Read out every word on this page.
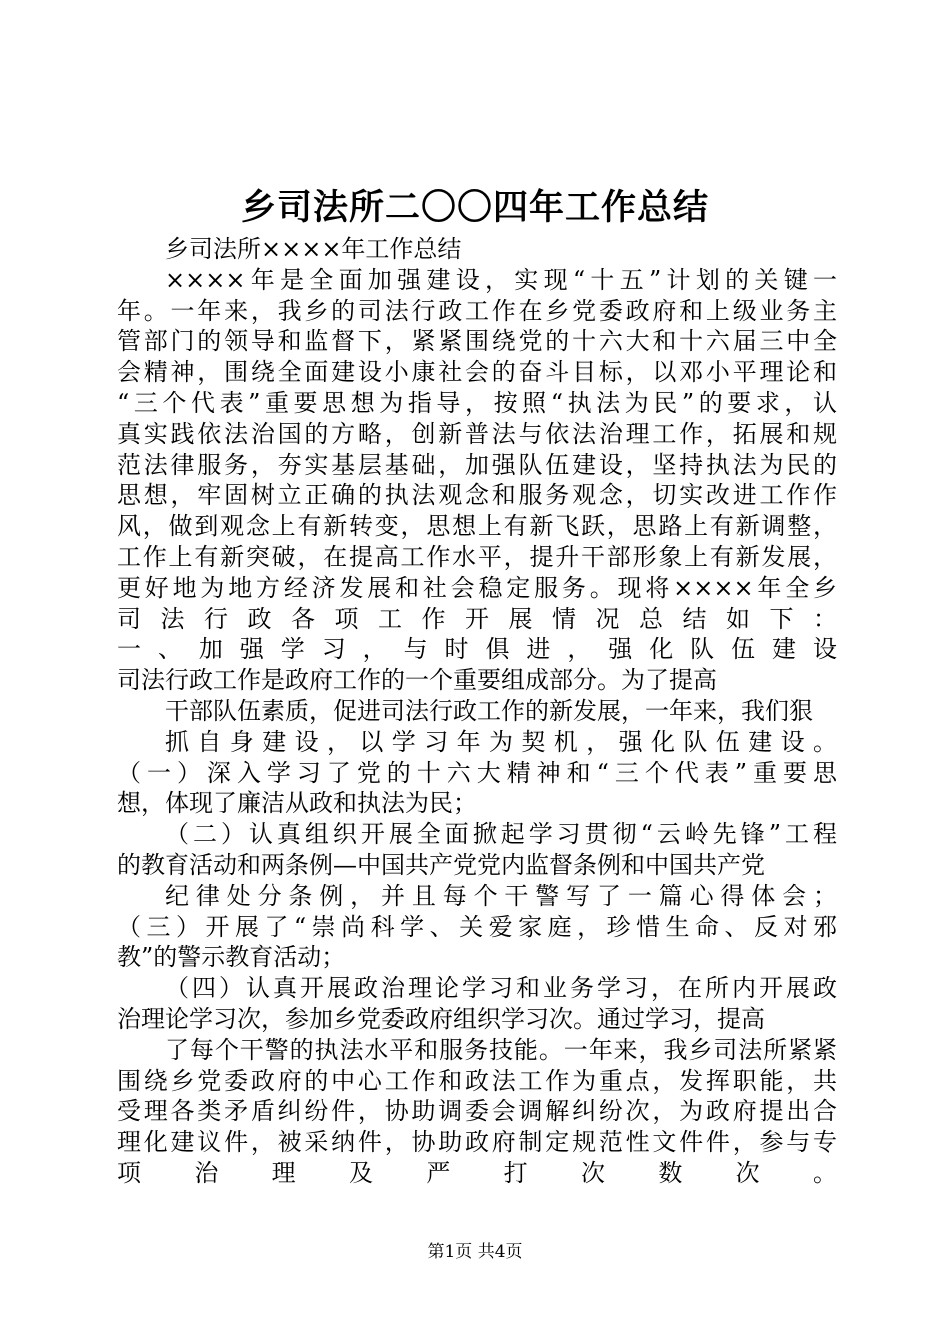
乡司法所二〇〇四年工作总结
乡司法所××××年工作总结
××××年是全面加强建设，实现“十五”计划的关键一
年。一年来，我乡的司法行政工作在乡党委政府和上级业务主
管部门的领导和监督下，紧紧围绕党的十六大和十六届三中全
会精神，围绕全面建设小康社会的奋斗目标，以邓小平理论和
“三个代表”重要思想为指导，按照“执法为民”的要求，认
真实践依法治国的方略，创新普法与依法治理工作，拓展和规
范法律服务，夯实基层基础，加强队伍建设，坚持执法为民的
思想，牢固树立正确的执法观念和服务观念，切实改进工作作
风，做到观念上有新转变，思想上有新飞跃，思路上有新调整，
工作上有新突破，在提高工作水平，提升干部形象上有新发展，
更好地为地方经济发展和社会稳定服务。现将××××年全乡
司法行政各项工作开展情况总结如下：
一、加强学习，与时俱进，强化队伍建设
司法行政工作是政府工作的一个重要组成部分。为了提高
干部队伍素质，促进司法行政工作的新发展，一年来，我们狠
抓自身建设，以学习年为契机，强化队伍建设。
（一）深入学习了党的十六大精神和“三个代表”重要思
想，体现了廉洁从政和执法为民；
（二）认真组织开展全面掀起学习贯彻“云岭先锋”工程
的教育活动和两条例—中国共产党党内监督条例和中国共产党
纪律处分条例，并且每个干警写了一篇心得体会；
（三）开展了“崇尚科学、关爱家庭，珍惜生命、反对邪
教”的警示教育活动；
（四）认真开展政治理论学习和业务学习，在所内开展政
治理论学习次，参加乡党委政府组织学习次。通过学习，提高
了每个干警的执法水平和服务技能。一年来，我乡司法所紧紧
围绕乡党委政府的中心工作和政法工作为重点，发挥职能，共
受理各类矛盾纠纷件，协助调委会调解纠纷次，为政府提出合
理化建议件，被采纳件，协助政府制定规范性文件件，参与专
项治理及严打次数次。
第1页 共4页
